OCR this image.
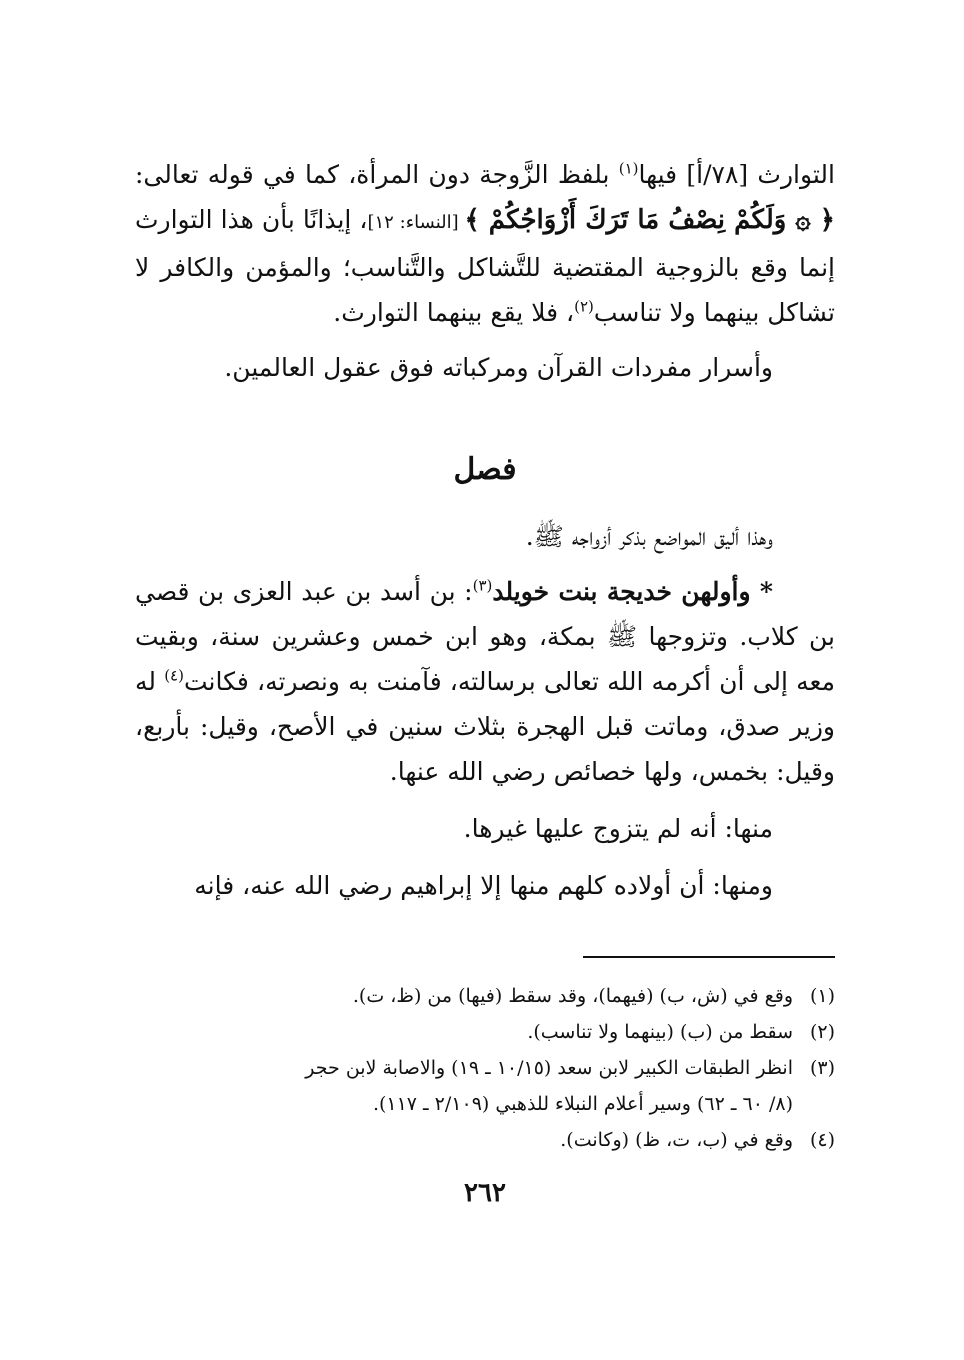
التوارث [٧٨/أ] فيها$^{(١)}$ بلفظ الزَّوجة دون المرأة، كما في قوله تعالى: ﴿ ۞ وَلَكُمْ نِصْفُ مَا تَرَكَ أَزْوَاجُكُمْ ﴾ [النساء: ١٢]، إيذانًا بأن هذا التوارث إنما وقع بالزوجية المقتضية للتَّشاكل والتَّناسب؛ والمؤمن والكافر لا تشاكل بينهما ولا تناسب$^{(٢)}$، فلا يقع بينهما التوارث.

وأسرار مفردات القرآن ومركباته فوق عقول العالمين.

فصل

وهذا أليق المواضع بذكر أزواجه ﷺ.

* وأولهن خديجة بنت خويلد$^{(٣)}$: بن أسد بن عبد العزى بن قصي بن كلاب. وتزوجها ﷺ بمكة، وهو ابن خمس وعشرين سنة، وبقيت معه إلى أن أكرمه الله تعالى برسالته، فآمنت به ونصرته، فكانت$^{(٤)}$ له وزير صدق، وماتت قبل الهجرة بثلاث سنين في الأصح، وقيل: بأربع، وقيل: بخمس، ولها خصائص رضي الله عنها.

منها: أنه لم يتزوج عليها غيرها.

ومنها: أن أولاده كلهم منها إلا إبراهيم رضي الله عنه، فإنه

(١)وقع في (ش، ب) (فيهما)، وقد سقط (فيها) من (ظ، ت).

(٢)سقط من (ب) (بينهما ولا تناسب).

(٣)انظر الطبقات الكبير لابن سعد (١٠/١٥ ـ ١٩) والاصابة لابن حجر

(٨/ ٦٠ ـ ٦٢) وسير أعلام النبلاء للذهبي (٢/١٠٩ ـ ١١٧).

(٤)وقع في (ب، ت، ظ) (وكانت).

٢٦٢
